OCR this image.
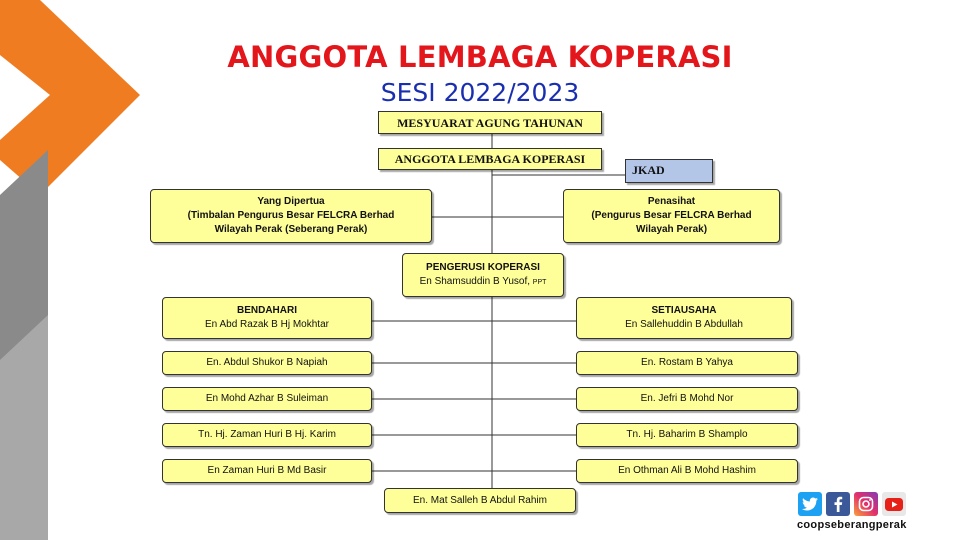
ANGGOTA LEMBAGA KOPERASI
SESI 2022/2023
MESYUARAT AGUNG TAHUNAN
ANGGOTA LEMBAGA KOPERASI
JKAD
Yang Dipertua
(Timbalan Pengurus Besar FELCRA Berhad
Wilayah Perak (Seberang Perak)
Penasihat
(Pengurus Besar FELCRA Berhad
Wilayah Perak)
PENGERUSI KOPERASI
En Shamsuddin B Yusof, PPT
BENDAHARI
En Abd Razak B Hj Mokhtar
SETIAUSAHA
En Sallehuddin B Abdullah
En. Abdul Shukor B Napiah
En Mohd Azhar B Suleiman
Tn. Hj. Zaman Huri B Hj. Karim
En Zaman Huri B Md Basir
En. Rostam B Yahya
En. Jefri B Mohd Nor
Tn. Hj. Baharim B Shamplo
En Othman Ali B Mohd Hashim
En. Mat Salleh B Abdul Rahim
coopseberangperak
